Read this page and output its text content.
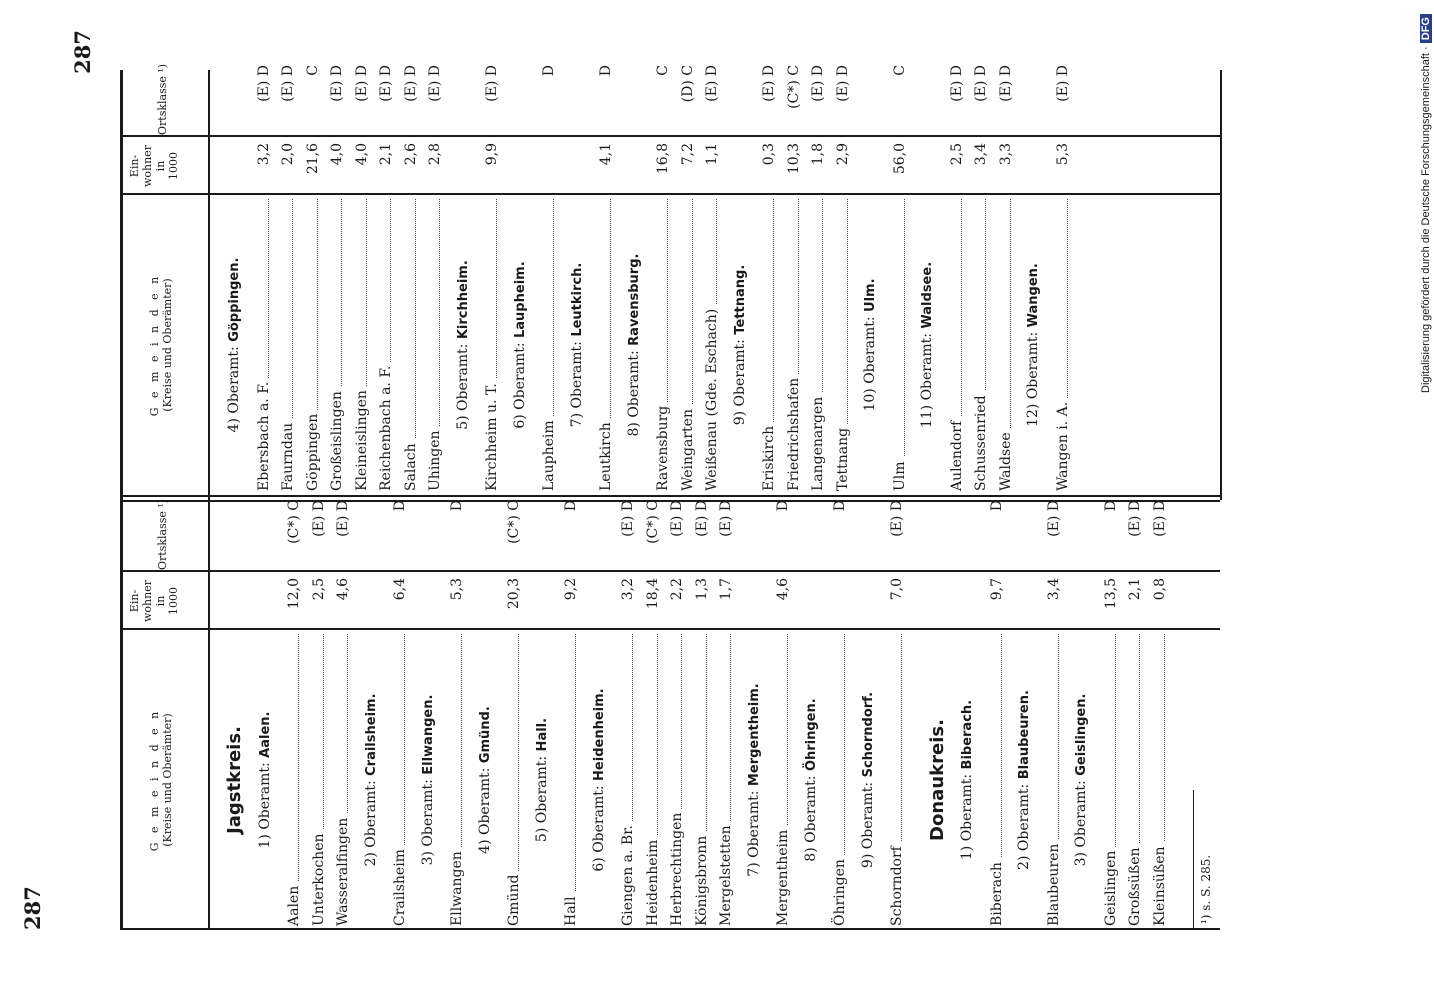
287
287
G e m e i n d e n (Kreise und Oberämter)
Ein- wohner in 1000
Ortsklasse ¹)
G e m e i n d e n (Kreise und Oberämter)
Ein- wohner in 1000
Ortsklasse ¹)
Jagstkreis. 1) Oberamt: Aalen.
Aalen
12,0
(C*) C
Unterkochen
2,5
(E) D
Wasseralfingen
4,6
(E) D
2) Oberamt: Crailsheim.
Crailsheim
6,4
D
3) Oberamt: Ellwangen.
Ellwangen
5,3
D
4) Oberamt: Gmünd.
Gmünd
20,3
(C*) C
5) Oberamt: Hall.
Hall
9,2
D
6) Oberamt: Heidenheim.
Giengen a. Br.
3,2
(E) D
Heidenheim
18,4
(C*) C
Herbrechtingen
2,2
(E) D
Königsbronn
1,3
(E) D
Mergelstetten
1,7
(E) D
7) Oberamt: Mergentheim.
Mergentheim
4,6
D
8) Oberamt: Öhringen.
Öhringen
D
9) Oberamt: Schorndorf.
Schorndorf
7,0
(E) D
Donaukreis. 1) Oberamt: Biberach.
Biberach
9,7
D
2) Oberamt: Blaubeuren.
Blaubeuren
3,4
(E) D
3) Oberamt: Geislingen.
Geislingen
13,5
D
Großsüßen
2,1
(E) D
Kleinsüßen
0,8
(E) D
4) Oberamt: Göppingen.
Ebersbach a. F.
3,2
(E) D
Faurndau
2,0
(E) D
Göppingen
21,6
C
Großeislingen
4,0
(E) D
Kleineislingen
4,0
(E) D
Reichenbach a. F.
2,1
(E) D
Salach
2,6
(E) D
Uhingen
2,8
(E) D
5) Oberamt: Kirchheim.
Kirchheim u. T.
9,9
(E) D
6) Oberamt: Laupheim.
Laupheim
D
7) Oberamt: Leutkirch.
Leutkirch
4,1
D
8) Oberamt: Ravensburg.
Ravensburg
16,8
C
Weingarten
7,2
(D) C
Weißenau (Gde. Eschach)
1,1
(E) D
9) Oberamt: Tettnang.
Eriskirch
0,3
(E) D
Friedrichshafen
10,3
(C*) C
Langenargen
1,8
(E) D
Tettnang
2,9
(E) D
10) Oberamt: Ulm.
Ulm
56,0
C
11) Oberamt: Waldsee.
Aulendorf
2,5
(E) D
Schussenried
3,4
(E) D
Waldsee
3,3
(E) D
12) Oberamt: Wangen.
Wangen i. A.
5,3
(E) D
¹) s. S. 285.
Digitalisierung gefördert durch die Deutsche Forschungsgemeinschaft · DFG
